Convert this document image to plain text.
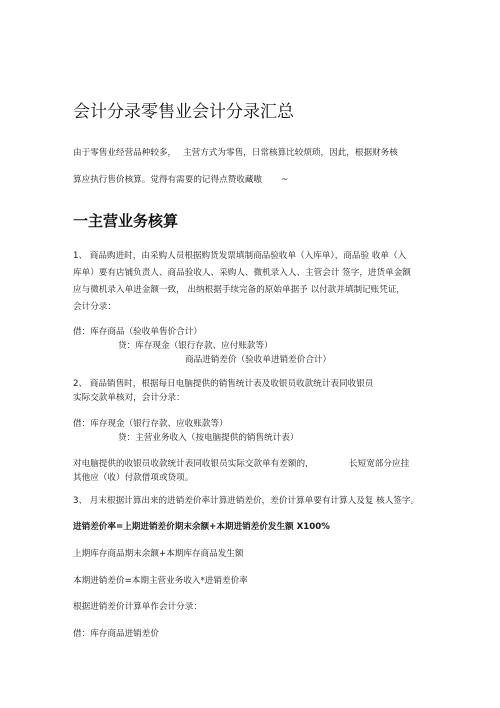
会计分录零售业会计分录汇总
由于零售业经营品种较多， 主营方式为零售，日常核算比较烦琐，因此，根据财务核
算应执行售价核算。觉得有需要的记得点赞收藏嗷 ~
一主营业务核算
1、 商品购进时，由采购人员根据购货发票填制商品验收单（入库单），商品验 收单（入
库单）要有店铺负责人、商品验收人、采购人、微机录入人、主管会计 签字，进货单金额
应与微机录入单进金额一致， 出纳根据手续完备的原始单据予 以付款并填制记账凭证，
会计分录：
借：库存商品（验收单售价合计）
贷：库存现金（银行存款、应付账款等）
商品进销差价（验收单进销差价合计）
2、 商品销售时，根据每日电脑提供的销售统计表及收银员收款统计表同收银员
实际交款单核对，会计分录：
借：库存现金（银行存款、应收账款等）
贷：主营业务收入（按电脑提供的销售统计表）
对电脑提供的收银员收款统计表同收银员实际交款单有差额的，	长短宽部分应挂
其他应（收）付款借项或贷项。
3、 月末根据计算出来的进销差价率计算进销差价，差价计算单要有计算人及复 核人签字。
进销差价率=上期进销差价期末余额+本期进销差价发生额 X100%
上期库存商品期末余额+本期库存商品发生额
本期进销差价=本期主营业务收入*进销差价率
根据进销差价计算单作会计分录：
借：库存商品进销差价
